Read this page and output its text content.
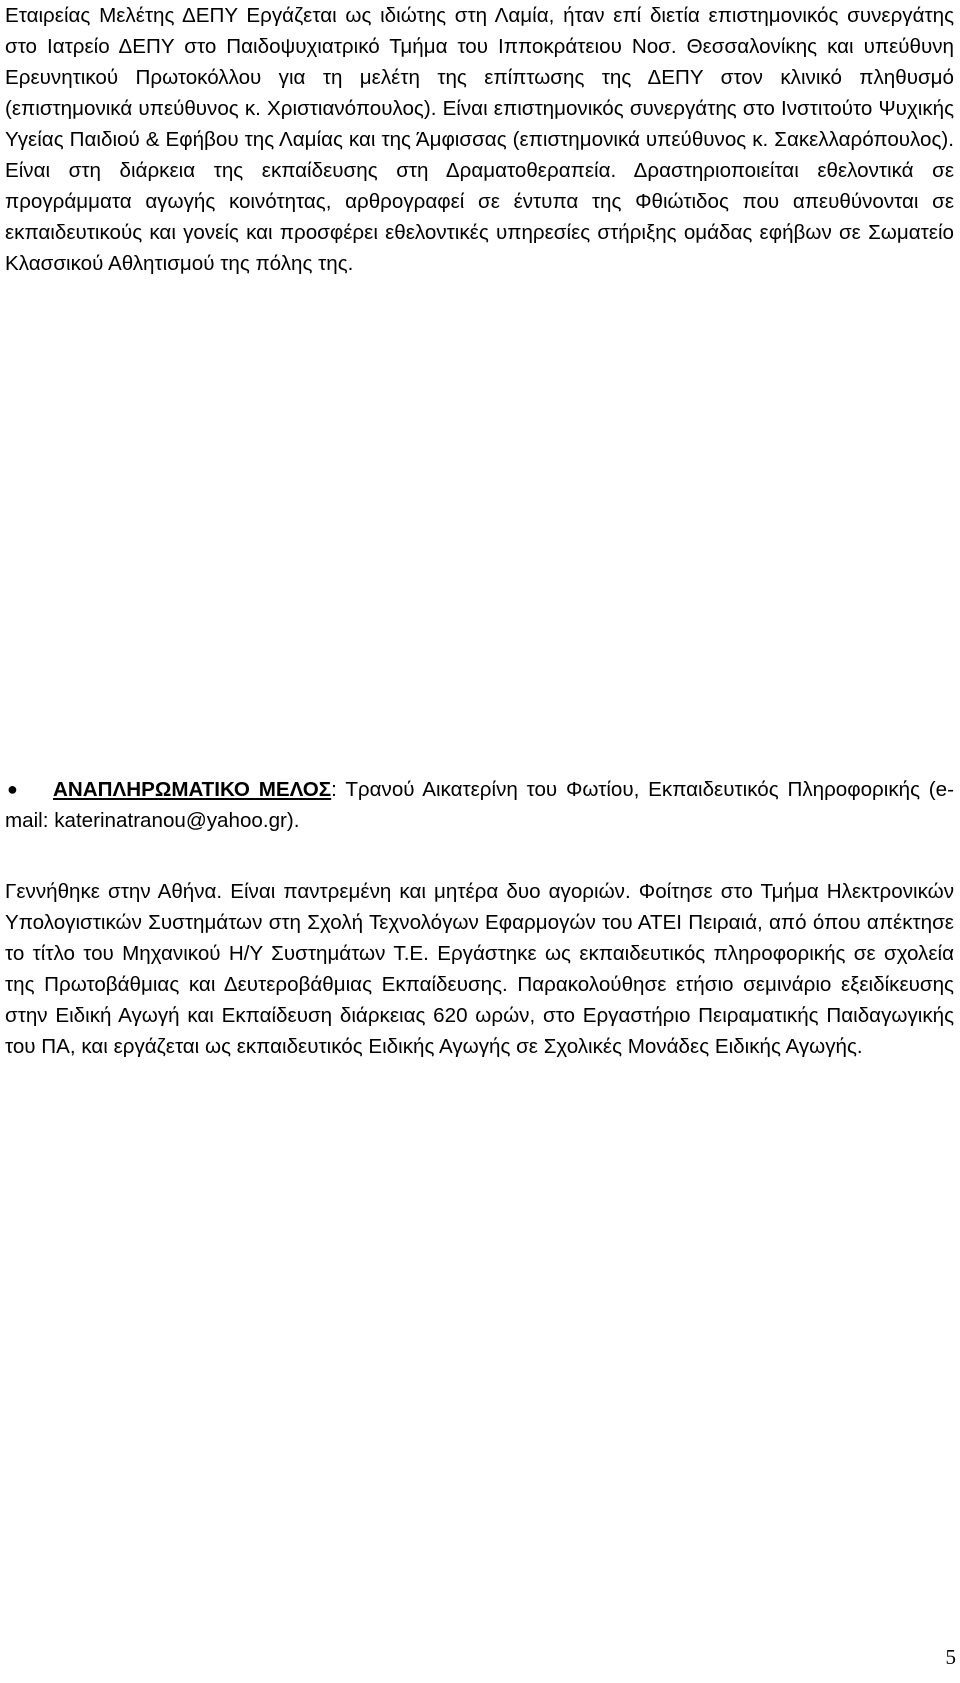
Εταιρείας Μελέτης ΔΕΠΥ Εργάζεται ως ιδιώτης στη Λαμία, ήταν επί διετία επιστημονικός συνεργάτης στο Ιατρείο ΔΕΠΥ στο Παιδοψυχιατρικό Τμήμα του Ιπποκράτειου Νοσ. Θεσσαλονίκης και υπεύθυνη Ερευνητικού Πρωτοκόλλου για τη μελέτη της επίπτωσης της ΔΕΠΥ στον κλινικό πληθυσμό (επιστημονικά υπεύθυνος κ. Χριστιανόπουλος). Είναι επιστημονικός συνεργάτης στο Ινστιτούτο Ψυχικής Υγείας Παιδιού & Εφήβου της Λαμίας και της Άμφισσας (επιστημονικά υπεύθυνος κ. Σακελλαρόπουλος). Είναι στη διάρκεια της εκπαίδευσης στη Δραματοθεραπεία. Δραστηριοποιείται εθελοντικά σε προγράμματα αγωγής κοινότητας, αρθρογραφεί σε έντυπα της Φθιώτιδος που απευθύνονται σε εκπαιδευτικούς και γονείς και προσφέρει εθελοντικές υπηρεσίες στήριξης ομάδας εφήβων σε Σωματείο Κλασσικού Αθλητισμού της πόλης της.

●	ΑΝΑΠΛΗΡΩΜΑΤΙΚΟ ΜΕΛΟΣ: Τρανού Αικατερίνη του Φωτίου, Εκπαιδευτικός Πληροφορικής (e-mail: katerinatranou@yahoo.gr).

Γεννήθηκε στην Αθήνα. Είναι παντρεμένη και μητέρα δυο αγοριών. Φοίτησε στο Τμήμα Ηλεκτρονικών Υπολογιστικών Συστημάτων στη Σχολή Τεχνολόγων Εφαρμογών του ΑΤΕΙ Πειραιά, από όπου απέκτησε το τίτλο του Μηχανικού Η/Υ Συστημάτων Τ.Ε. Εργάστηκε ως εκπαιδευτικός πληροφορικής σε σχολεία της Πρωτοβάθμιας και Δευτεροβάθμιας Εκπαίδευσης. Παρακολούθησε ετήσιο σεμινάριο εξειδίκευσης στην Ειδική Αγωγή και Εκπαίδευση διάρκειας 620 ωρών, στο Εργαστήριο Πειραματικής Παιδαγωγικής του ΠΑ, και εργάζεται ως εκπαιδευτικός Ειδικής Αγωγής σε Σχολικές Μονάδες Ειδικής Αγωγής.

5
